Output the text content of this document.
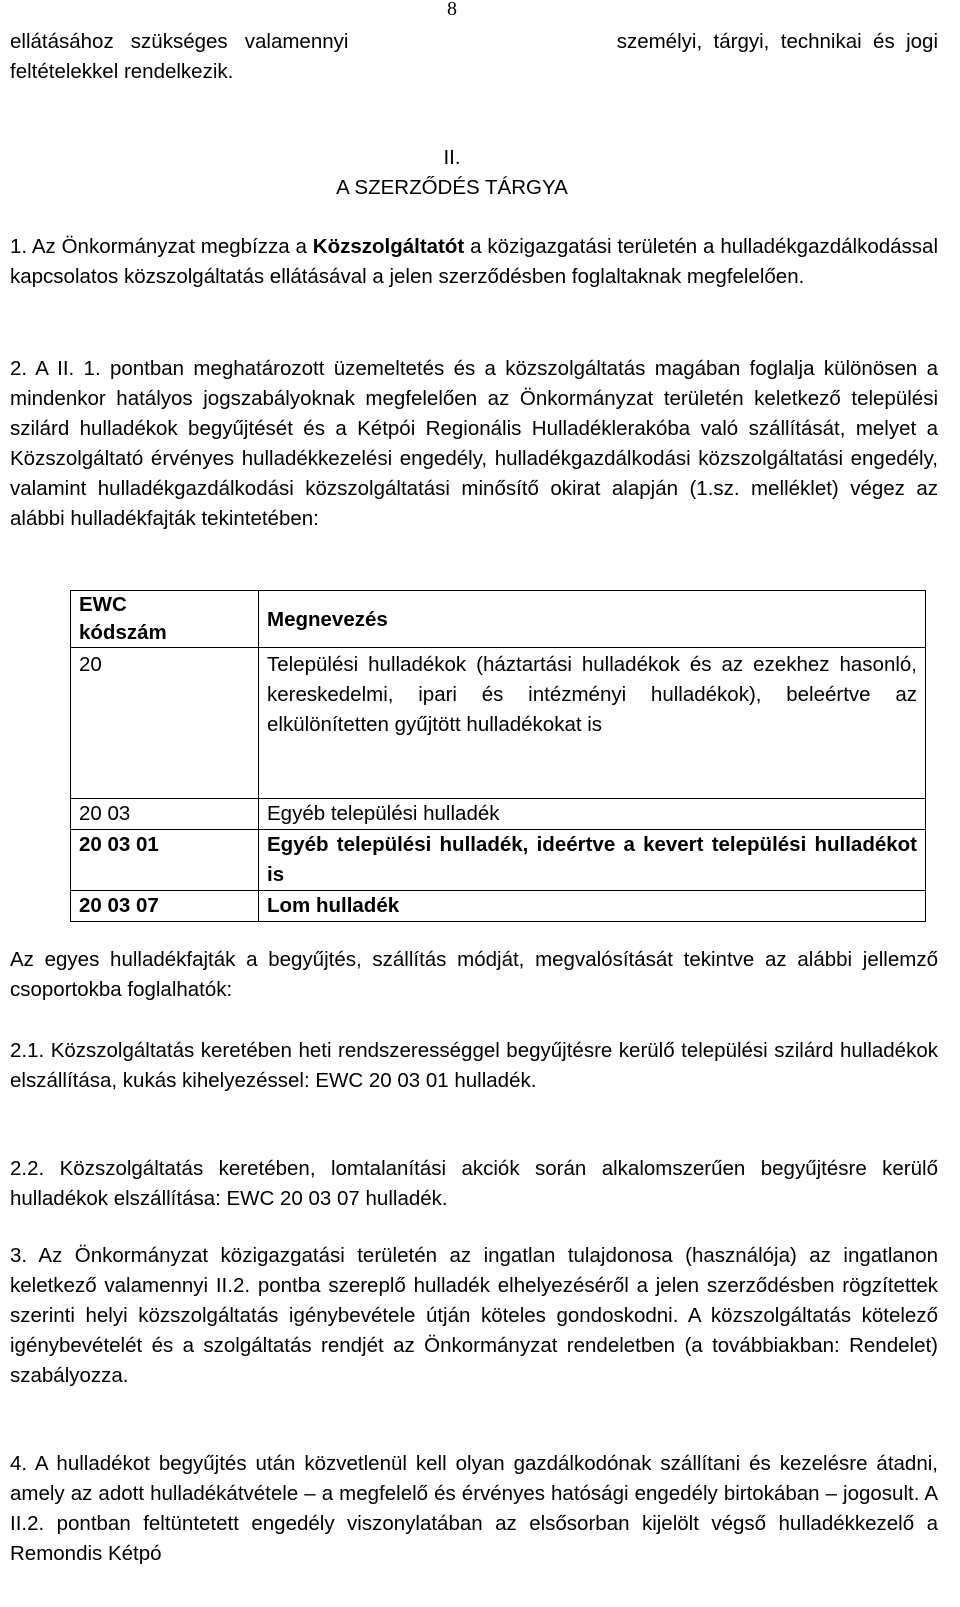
8
ellátásához   szükséges   valamennyi	személyi,  tárgyi,  technikai  és  jogi
feltételekkel rendelkezik.
II.
A SZERZŐDÉS TÁRGYA
1. Az Önkormányzat megbízza a Közszolgáltatót a közigazgatási területén a hulladékgazdálkodással kapcsolatos közszolgáltatás ellátásával a jelen szerződésben foglaltaknak megfelelően.
2. A II. 1. pontban meghatározott üzemeltetés és a közszolgáltatás magában foglalja különösen a mindenkor hatályos jogszabályoknak megfelelően az Önkormányzat területén keletkező települési szilárd hulladékok begyűjtését és a Kétpói Regionális Hulladéklerakóba való szállítását, melyet a Közszolgáltató érvényes hulladékkezelési engedély, hulladékgazdálkodási közszolgáltatási engedély, valamint hulladékgazdálkodási közszolgáltatási minősítő okirat alapján (1.sz. melléklet) végez az alábbi hulladékfajták tekintetében:
EWC
kódszám	Megnevezés
20	Települési hulladékok (háztartási hulladékok és az ezekhez hasonló, kereskedelmi, ipari és intézményi hulladékok), beleértve az elkülönítetten gyűjtött hulladékokat is
20 03	Egyéb települési hulladék
20 03 01	Egyéb települési hulladék, ideértve a kevert települési hulladékot is
20 03 07	Lom hulladék
Az egyes hulladékfajták a begyűjtés, szállítás módját, megvalósítását tekintve az alábbi jellemző csoportokba foglalhatók:
2.1. Közszolgáltatás keretében heti rendszerességgel begyűjtésre kerülő települési szilárd hulladékok elszállítása, kukás kihelyezéssel: EWC 20 03 01 hulladék.
2.2. Közszolgáltatás keretében, lomtalanítási akciók során alkalomszerűen begyűjtésre kerülő hulladékok elszállítása: EWC 20 03 07 hulladék.
3. Az Önkormányzat közigazgatási területén az ingatlan tulajdonosa (használója) az ingatlanon keletkező valamennyi II.2. pontba szereplő hulladék elhelyezéséről a jelen szerződésben rögzítettek szerinti helyi közszolgáltatás igénybevétele útján köteles gondoskodni. A közszolgáltatás kötelező igénybevételét és a szolgáltatás rendjét az Önkormányzat rendeletben (a továbbiakban: Rendelet) szabályozza.
4. A hulladékot begyűjtés után közvetlenül kell olyan gazdálkodónak szállítani és kezelésre átadni, amely az adott hulladékátvétele – a megfelelő és érvényes hatósági engedély birtokában – jogosult. A II.2. pontban feltüntetett engedély viszonylatában az elsősorban kijelölt végső hulladékkezelő a Remondis Kétpó
